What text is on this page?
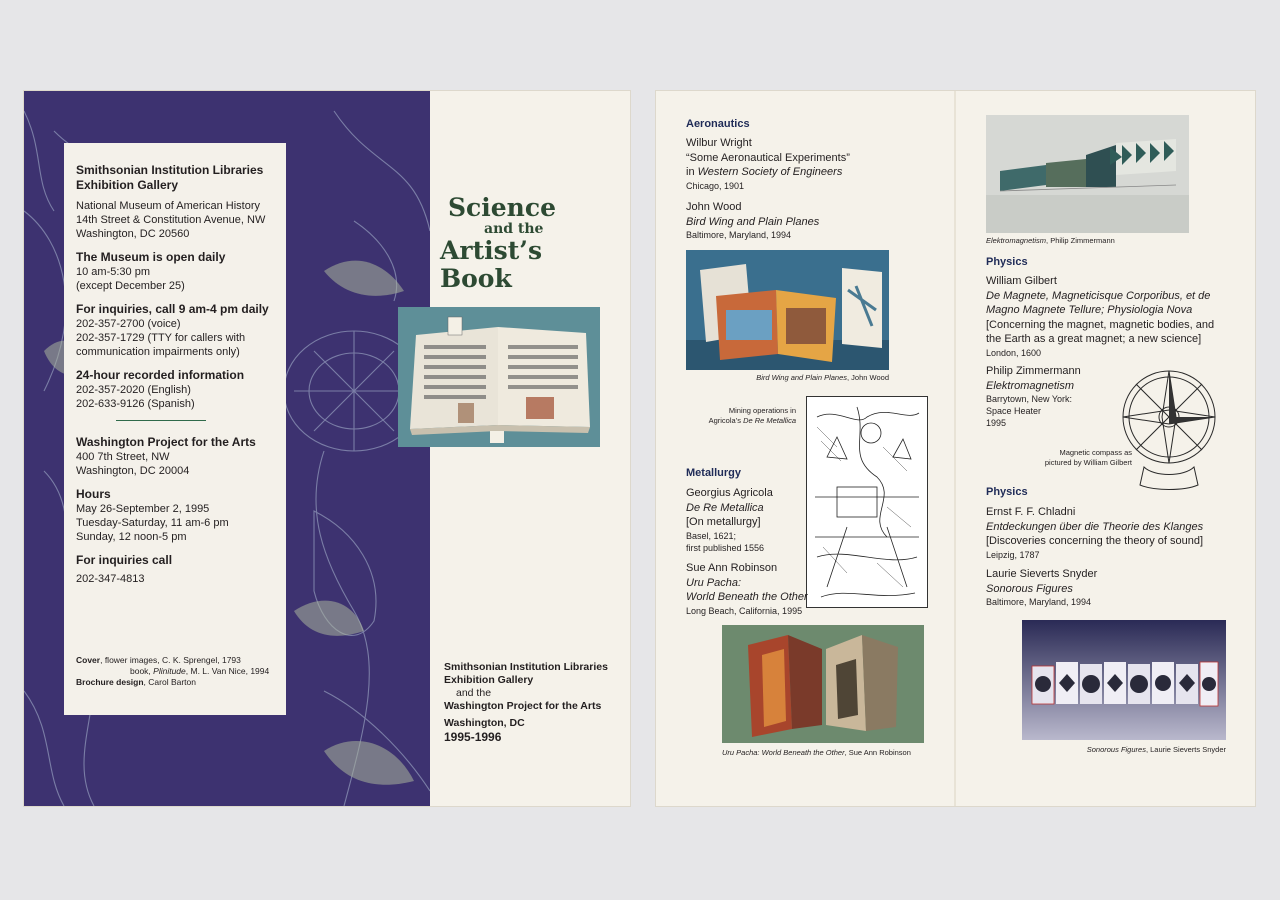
Smithsonian Institution Libraries
Exhibition Gallery
National Museum of American History
14th Street & Constitution Avenue, NW
Washington, DC 20560
The Museum is open daily
10 am-5:30 pm
(except December 25)
For inquiries, call 9 am-4 pm daily
202-357-2700 (voice)
202-357-1729 (TTY for callers with
communication impairments only)
24-hour recorded information
202-357-2020 (English)
202-633-9126 (Spanish)
Washington Project for the Arts
400 7th Street, NW
Washington, DC 20004
Hours
May 26-September 2, 1995
Tuesday-Saturday, 11 am-6 pm
Sunday, 12 noon-5 pm
For inquiries call
202-347-4813
Cover, flower images, C. K. Sprengel, 1793
book, Plinitude, M. L. Van Nice, 1994
Brochure design, Carol Barton
Science
and the
Artist’s Book
Smithsonian Institution Libraries
Exhibition Gallery
and the
Washington Project for the Arts
Washington, DC
1995-1996
Aeronautics
Wilbur Wright
“Some Aeronautical Experiments”
in Western Society of Engineers
Chicago, 1901
John Wood
Bird Wing and Plain Planes
Baltimore, Maryland, 1994
Bird Wing and Plain Planes, John Wood
Mining operations in
Agricola’s De Re Metallica
Metallurgy
Georgius Agricola
De Re Metallica
[On metallurgy]
Basel, 1621;
first published 1556
Sue Ann Robinson
Uru Pacha:
World Beneath the Other
Long Beach, California, 1995
Uru Pacha: World Beneath the Other, Sue Ann Robinson
Elektromagnetism, Philip Zimmermann
Physics
William Gilbert
De Magnete, Magneticisque Corporibus, et de
Magno Magnete Tellure; Physiologia Nova
[Concerning the magnet, magnetic bodies, and
the Earth as a great magnet; a new science]
London, 1600
Philip Zimmermann
Elektromagnetism
Barrytown, New York:
Space Heater
1995
Magnetic compass as
pictured by William Gilbert
Physics
Ernst F. F. Chladni
Entdeckungen über die Theorie des Klanges
[Discoveries concerning the theory of sound]
Leipzig, 1787
Laurie Sieverts Snyder
Sonorous Figures
Baltimore, Maryland, 1994
Sonorous Figures, Laurie Sieverts Snyder
